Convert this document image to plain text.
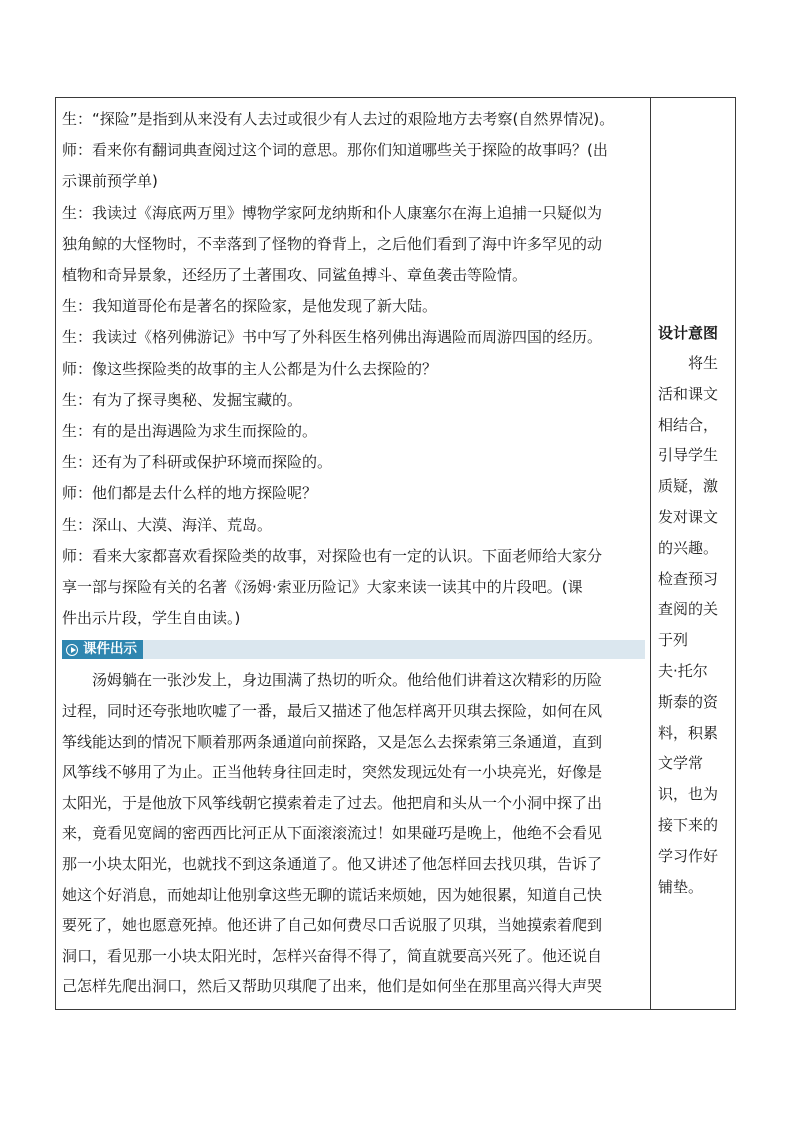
生：“探险”是指到从来没有人去过或很少有人去过的艰险地方去考察(自然界情况)。

师：看来你有翻词典查阅过这个词的意思。那你们知道哪些关于探险的故事吗？(出

示课前预学单)

生：我读过《海底两万里》博物学家阿龙纳斯和仆人康塞尔在海上追捕一只疑似为

独角鲸的大怪物时，不幸落到了怪物的脊背上，之后他们看到了海中许多罕见的动

植物和奇异景象，还经历了土著围攻、同鲨鱼搏斗、章鱼袭击等险情。

生：我知道哥伦布是著名的探险家，是他发现了新大陆。

生：我读过《格列佛游记》书中写了外科医生格列佛出海遇险而周游四国的经历。

师：像这些探险类的故事的主人公都是为什么去探险的？

生：有为了探寻奥秘、发掘宝藏的。

生：有的是出海遇险为求生而探险的。

生：还有为了科研或保护环境而探险的。

师：他们都是去什么样的地方探险呢？

生：深山、大漠、海洋、荒岛。

师：看来大家都喜欢看探险类的故事，对探险也有一定的认识。下面老师给大家分

享一部与探险有关的名著《汤姆·索亚历险记》大家来读一读其中的片段吧。(课

件出示片段，学生自由读。)

课件出示

汤姆躺在一张沙发上，身边围满了热切的听众。他给他们讲着这次精彩的历险

过程，同时还夸张地吹嘘了一番，最后又描述了他怎样离开贝琪去探险，如何在风

筝线能达到的情况下顺着那两条通道向前探路，又是怎么去探索第三条通道，直到

风筝线不够用了为止。正当他转身往回走时，突然发现远处有一小块亮光，好像是

太阳光，于是他放下风筝线朝它摸索着走了过去。他把肩和头从一个小洞中探了出

来，竟看见宽阔的密西西比河正从下面滚滚流过！如果碰巧是晚上，他绝不会看见

那一小块太阳光，也就找不到这条通道了。他又讲述了他怎样回去找贝琪，告诉了

她这个好消息，而她却让他别拿这些无聊的谎话来烦她，因为她很累，知道自己快

要死了，她也愿意死掉。他还讲了自己如何费尽口舌说服了贝琪，当她摸索着爬到

洞口，看见那一小块太阳光时，怎样兴奋得不得了，简直就要高兴死了。他还说自

己怎样先爬出洞口，然后又帮助贝琪爬了出来，他们是如何坐在那里高兴得大声哭

设计意图

　　将生

活和课文

相结合，

引导学生

质疑，激

发对课文

的兴趣。

检查预习

查阅的关

于列

夫·托尔

斯泰的资

料，积累

文学常

识，也为

接下来的

学习作好

铺垫。
